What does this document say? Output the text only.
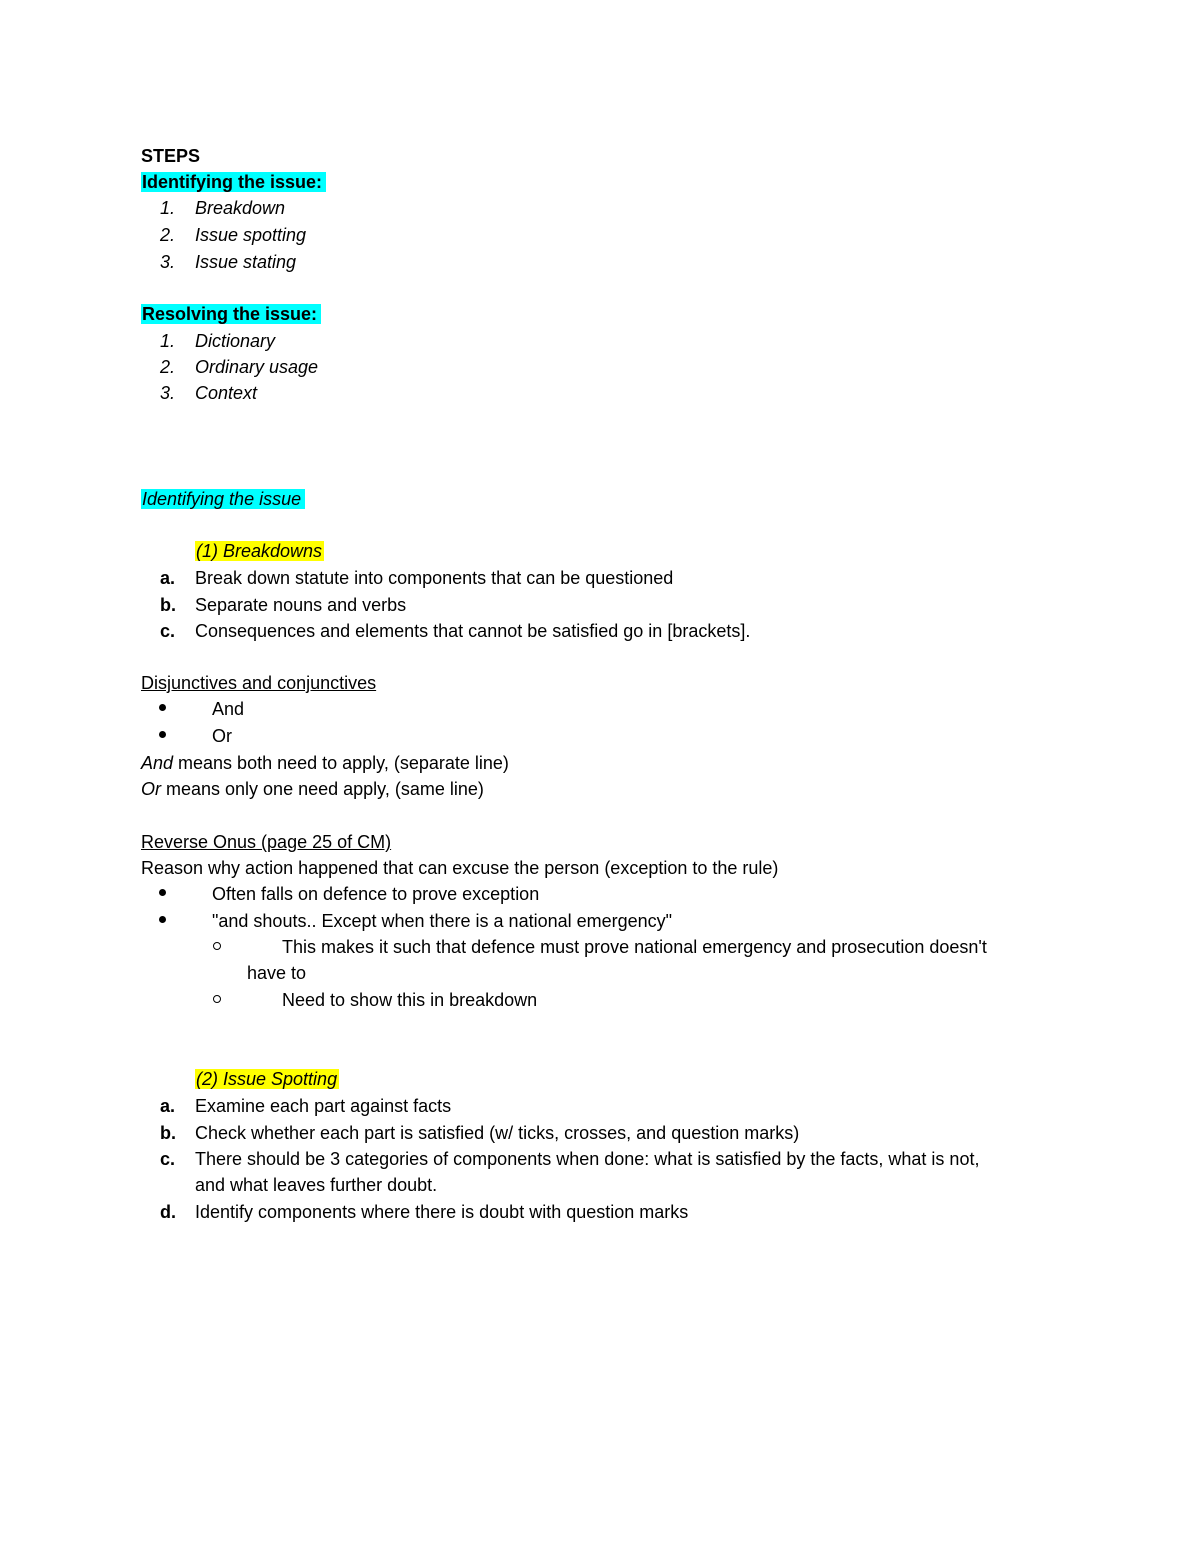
STEPS
Identifying the issue:
1. Breakdown
2. Issue spotting
3. Issue stating
Resolving the issue:
1. Dictionary
2. Ordinary usage
3. Context
Identifying the issue
(1) Breakdowns
a. Break down statute into components that can be questioned
b. Separate nouns and verbs
c. Consequences and elements that cannot be satisfied go in [brackets].
Disjunctives and conjunctives
And
Or
And means both need to apply, (separate line)
Or means only one need apply, (same line)
Reverse Onus (page 25 of CM)
Reason why action happened that can excuse the person (exception to the rule)
Often falls on defence to prove exception
"and shouts.. Except when there is a national emergency"
This makes it such that defence must prove national emergency and prosecution doesn't
have to
Need to show this in breakdown
(2) Issue Spotting
a. Examine each part against facts
b. Check whether each part is satisfied (w/ ticks, crosses, and question marks)
c. There should be 3 categories of components when done: what is satisfied by the facts, what is not,
and what leaves further doubt.
d. Identify components where there is doubt with question marks
